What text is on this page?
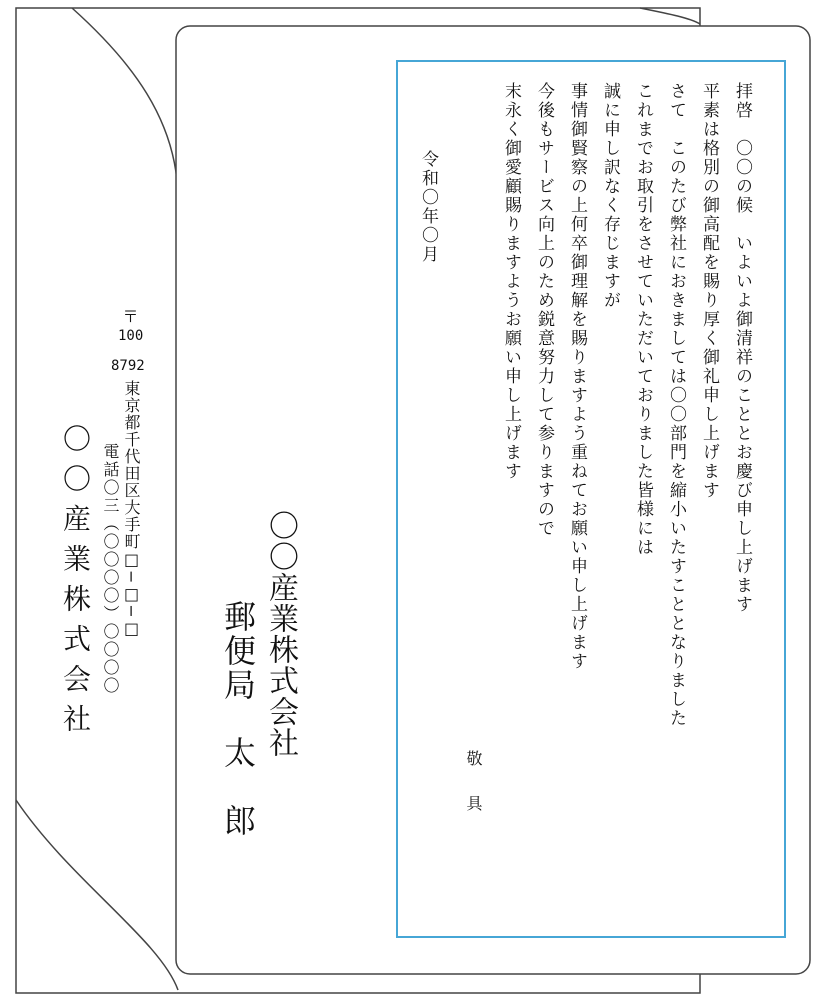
〒
100
8792
東京都千代田区大手町□−□−□
電話〇三（〇〇〇〇）〇〇〇〇
〇〇産業株式会社	〇〇産業株式会社
郵便局　太　郎
拝啓　〇〇の候　いよいよ御清祥のこととお慶び申し上げます
平素は格別の御高配を賜り厚く御礼申し上げます
さて　このたび弊社におきましては〇〇部門を縮小いたすこととなりました
これまでお取引をさせていただいておりました皆様には
誠に申し訳なく存じますが
事情御賢察の上何卒御理解を賜りますよう重ねてお願い申し上げます
今後もサービス向上のため鋭意努力して参りますので
末永く御愛顧賜りますようお願い申し上げます
敬
具
令和〇年〇月
